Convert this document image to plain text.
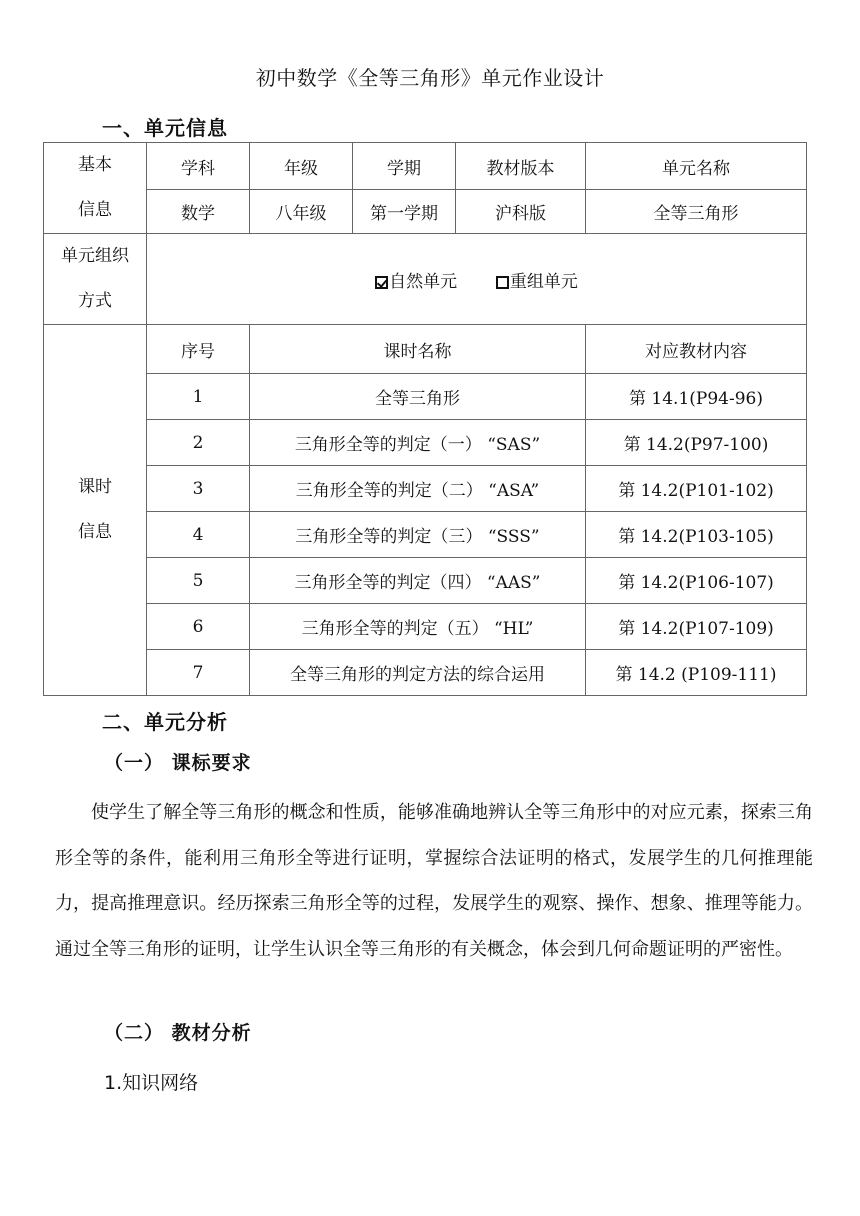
初中数学《全等三角形》单元作业设计
一、单元信息
基本
信息	学科	年级	学期	教材版本	单元名称
	数学	八年级	第一学期	沪科版	全等三角形
单元组织
方式	自然单元 重组单元				
课时
信息	序号	课时名称			对应教材内容
	1	全等三角形			第 14.1(P94-96)
	2	三角形全等的判定（一） “SAS”			第 14.2(P97-100)
	3	三角形全等的判定（二） “ASA”			第 14.2(P101-102)
	4	三角形全等的判定（三） “SSS”			第 14.2(P103-105)
	5	三角形全等的判定（四） “AAS”			第 14.2(P106-107)
	6	三角形全等的判定（五） “HL”			第 14.2(P107-109)
	7	全等三角形的判定方法的综合运用			第 14.2 (P109-111)
二、单元分析
（一） 课标要求
使学生了解全等三角形的概念和性质，能够准确地辨认全等三角形中的对应元素，探索三角形全等的条件，能利用三角形全等进行证明，掌握综合法证明的格式，发展学生的几何推理能力，提高推理意识。经历探索三角形全等的过程，发展学生的观察、操作、想象、推理等能力。通过全等三角形的证明，让学生认识全等三角形的有关概念，体会到几何命题证明的严密性。
（二） 教材分析
1.知识网络
